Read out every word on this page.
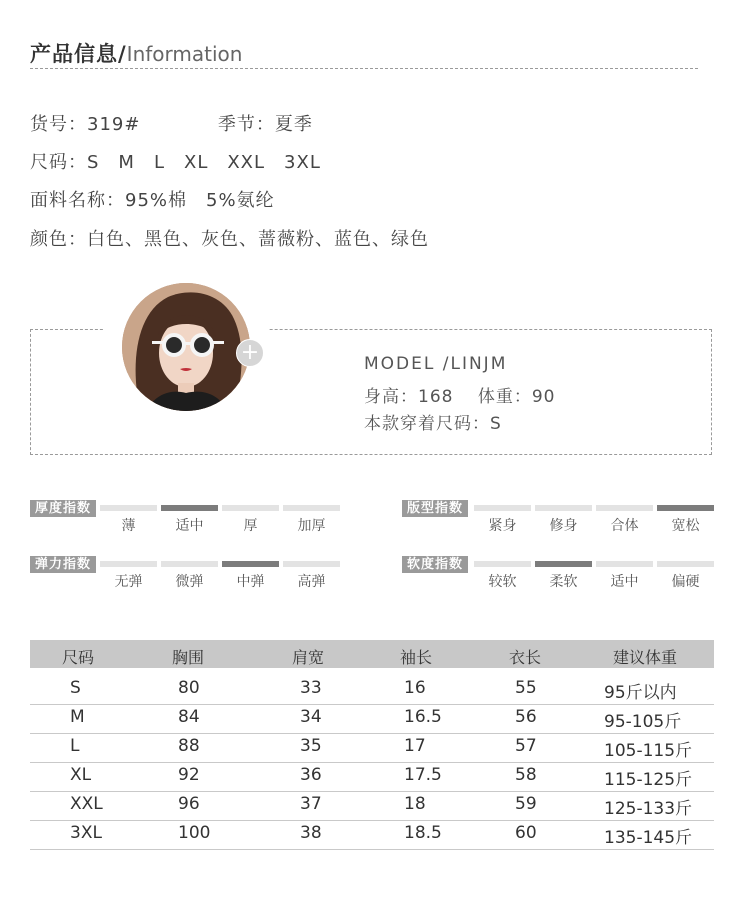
产品信息/Information
货号：319#	季节：夏季
尺码：S　M　L　XL　XXL　3XL
面料名称：95%棉　5%氨纶
颜色：白色、黑色、灰色、蔷薇粉、蓝色、绿色
+	MODEL /LINJM
身高：168　 体重：90
本款穿着尺码：S
厚度指数	版型指数
弹力指数	软度指数
薄	适中	厚	加厚	紧身	修身	合体	宽松
无弹	微弹	中弹	高弹	较软	柔软	适中	偏硬
尺码	胸围	肩宽	袖长	衣长	建议体重
S	80	33	16	55	95斤以内
M	84	34	16.5	56	95-105斤
L	88	35	17	57	105-115斤
XL	92	36	17.5	58	115-125斤
XXL	96	37	18	59	125-133斤
3XL	100	38	18.5	60	135-145斤
